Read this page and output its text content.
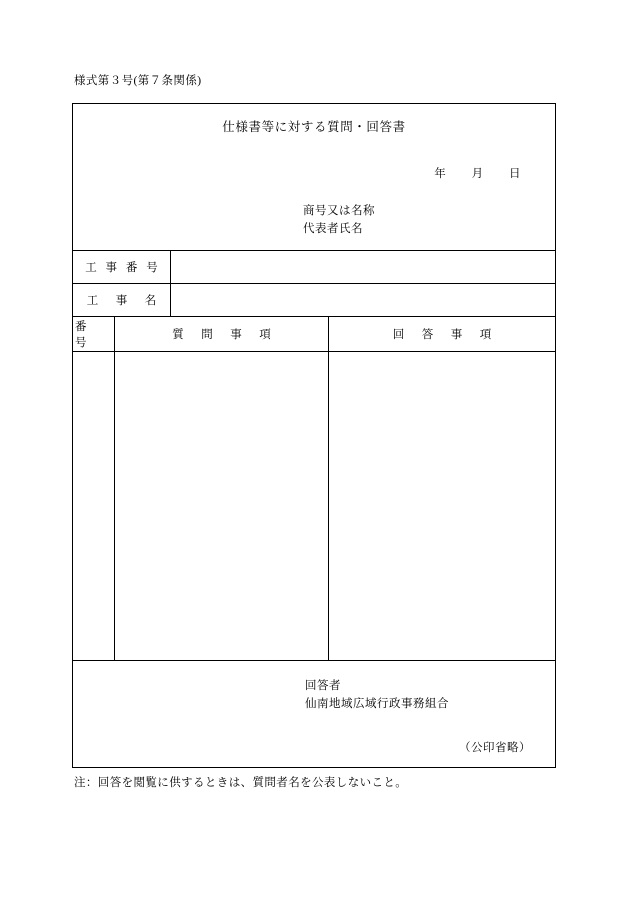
様式第３号(第７条関係)
仕様書等に対する質問・回答書
年 月 日
商号又は名称
代表者氏名
工 事 番 号
工　事　名
番　号
質　問　事　項	回　答　事　項
回答者
仙南地域広域行政事務組合
（公印省略）
注：回答を閲覧に供するときは、質問者名を公表しないこと。
